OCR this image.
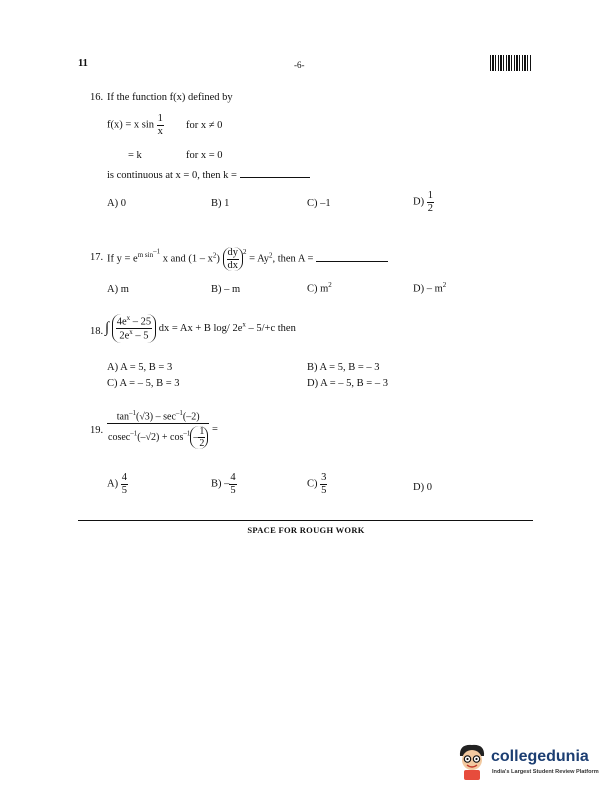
11	-6-
16. If the function f(x) defined by
f(x) = x $\sin \frac{1}{x}$ for x ≠ 0
= k	for x = 0
is continuous at x = 0, then k =
A) 0	B) 1	C) –1	$D) \frac{1}{2}$
17. If $y = e^{m sin^{-1}}$ x and $(1 - x^2) \frac{dy}{dx} ^2 = Ay^2$, then A =
A) m	B) – m	C) $m^2$	$D) - m^2$
18. ∫ $\frac{4e^x - 25}{2e^x - 5}$ dx = Ax + B log/ $2e^x - 5/+c$ then
A) A = 5, B = 3	B) A = 5, B = – 3
C) A = – 5, B = 3	D) A = – 5, B = – 3
19. $\frac{\tan^{-1}(√3) - \sec^{-1}(-2)}{cosec^{-1}(-√2) + \cos^{-1} - \frac{1}{2}}$ =
$A) \frac{4}{5}$	$B) - \frac{4}{5}$	$C) \frac{3}{5}$	D) 0
SPACE FOR ROUGH WORK
collegedunia
India's Largest Student Review Platform
